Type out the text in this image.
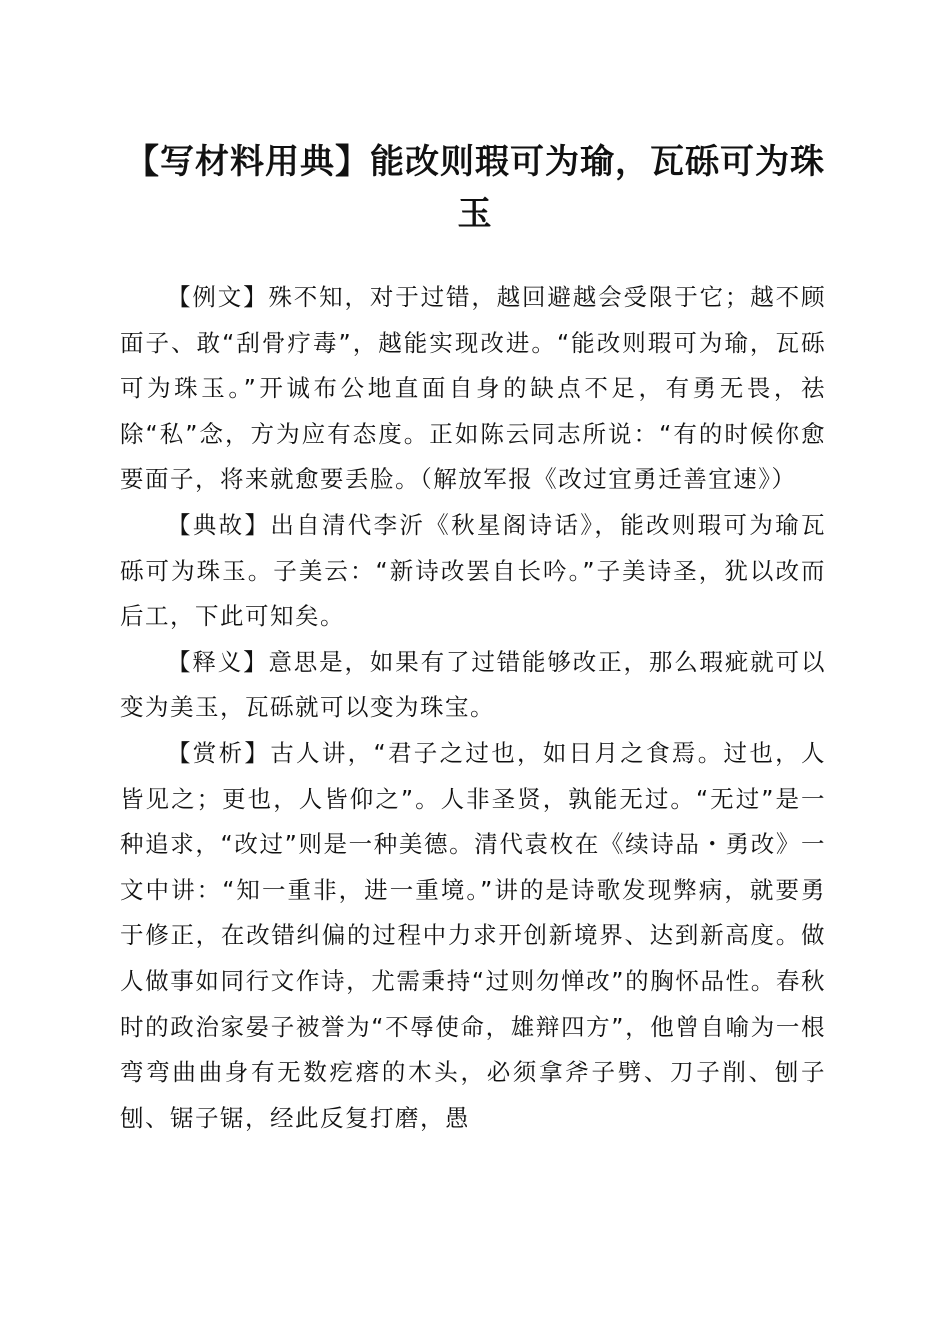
【写材料用典】能改则瑕可为瑜，瓦砾可为珠玉

【例文】殊不知，对于过错，越回避越会受限于它；越不顾面子、敢“刮骨疗毒”，越能实现改进。“能改则瑕可为瑜，瓦砾可为珠玉。”开诚布公地直面自身的缺点不足，有勇无畏，祛除“私”念，方为应有态度。正如陈云同志所说：“有的时候你愈要面子，将来就愈要丢脸。（解放军报《改过宜勇迁善宜速》）

【典故】出自清代李沂《秋星阁诗话》，能改则瑕可为瑜瓦砾可为珠玉。子美云：“新诗改罢自长吟。”子美诗圣，犹以改而后工，下此可知矣。

【释义】意思是，如果有了过错能够改正，那么瑕疵就可以变为美玉，瓦砾就可以变为珠宝。

【赏析】古人讲，“君子之过也，如日月之食焉。过也，人皆见之；更也，人皆仰之”。人非圣贤，孰能无过。“无过”是一种追求，“改过”则是一种美德。清代袁枚在《续诗品・勇改》一文中讲：“知一重非，进一重境。”讲的是诗歌发现弊病，就要勇于修正，在改错纠偏的过程中力求开创新境界、达到新高度。做人做事如同行文作诗，尤需秉持“过则勿惮改”的胸怀品性。春秋时的政治家晏子被誉为“不辱使命，雄辩四方”，他曾自喻为一根弯弯曲曲身有无数疙瘩的木头，必须拿斧子劈、刀子削、刨子刨、锯子锯，经此反复打磨，愚
